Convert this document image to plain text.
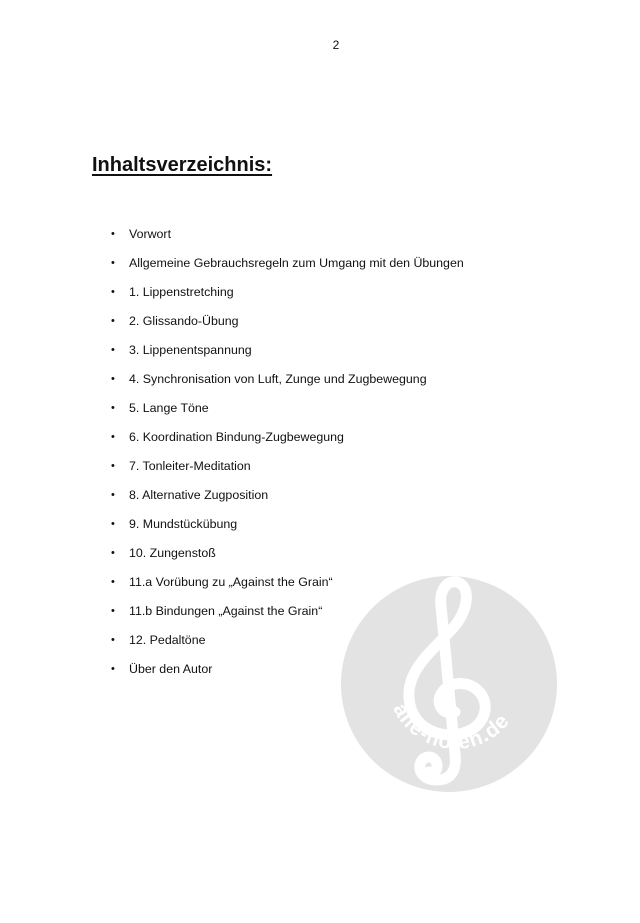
2
Inhaltsverzeichnis:
•	Vorwort
•	Allgemeine Gebrauchsregeln zum Umgang mit den Übungen
•	1. Lippenstretching
•	2. Glissando-Übung
•	3. Lippenentspannung
•	4. Synchronisation von Luft, Zunge und Zugbewegung
•	5. Lange Töne
•	6. Koordination Bindung-Zugbewegung
•	7. Tonleiter-Meditation
•	8. Alternative Zugposition
•	9. Mundstückübung
•	10. Zungenstoß
•	11.a Vorübung zu „Against the Grain“
•	11.b Bindungen „Against the Grain“
•	12. Pedaltöne
•	Über den Autor
alle-noten.de
